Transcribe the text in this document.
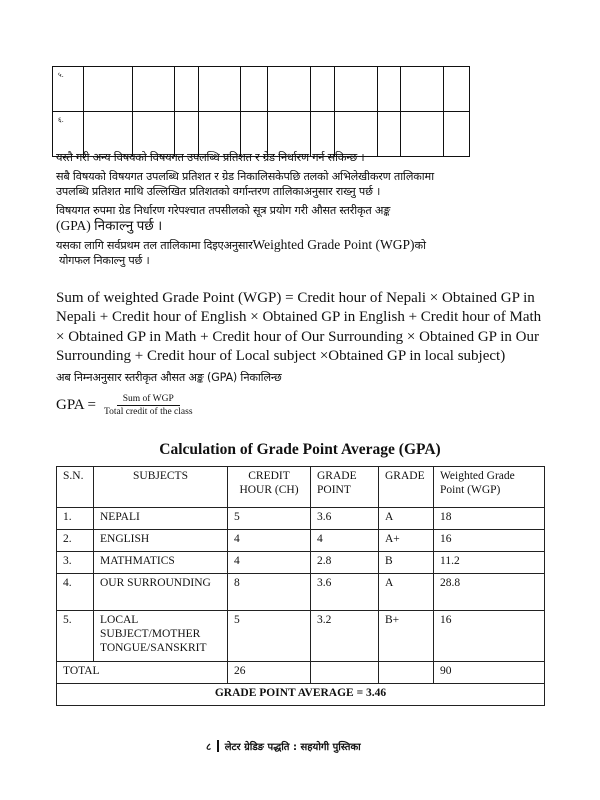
५.											
६.											
यस्तै गरी अन्य विषयको विषयगत उपलब्धि प्रतिशत र ग्रेड निर्धारण गर्न सकिन्छ ।
सबै विषयको विषयगत उपलब्धि प्रतिशत र ग्रेड निकालिसकेपछि तलको अभिलेखीकरण तालिकामा
उपलब्धि प्रतिशत माथि उल्लिखित प्रतिशतको वर्गान्तरण तालिकाअनुसार राख्नु पर्छ ।
विषयगत रुपमा ग्रेड निर्धारण गरेपश्चात तपसीलको सूत्र प्रयोग गरी औसत स्तरीकृत अङ्क
(GPA) निकाल्नु पर्छ ।
यसका लागि सर्वप्रथम तल तालिकामा दिइएअनुसारWeighted Grade Point (WGP)को
योगफल निकाल्नु पर्छ ।
Sum of weighted Grade Point (WGP) = Credit hour of Nepali × Obtained GP in Nepali + Credit hour of English × Obtained GP in English + Credit hour of Math × Obtained GP in Math + Credit hour of Our Surrounding × Obtained GP in Our Surrounding + Credit hour of Local subject ×Obtained GP in local subject)
अब निम्नअनुसार स्तरीकृत औसत अङ्क (GPA) निकालिन्छ
GPA = $\frac{\text{Sum of WGP}}{\text{Total credit of the class}}$
Calculation of Grade Point Average (GPA)
S.N.	SUBJECTS	CREDIT HOUR (CH)	GRADE POINT	GRADE	Weighted Grade Point (WGP)
1.	NEPALI	5	3.6	A	18
2.	ENGLISH	4	4	A+	16
3.	MATHMATICS	4	2.8	B	11.2
4.	OUR SURROUNDING	8	3.6	A	28.8
5.	LOCAL SUBJECT/MOTHER TONGUE/SANSKRIT	5	3.2	B+	16
TOTAL		26			90
GRADE POINT AVERAGE = 3.46					
८ लेटर ग्रेडिङ पद्धति : सहयोगी पुस्तिका
